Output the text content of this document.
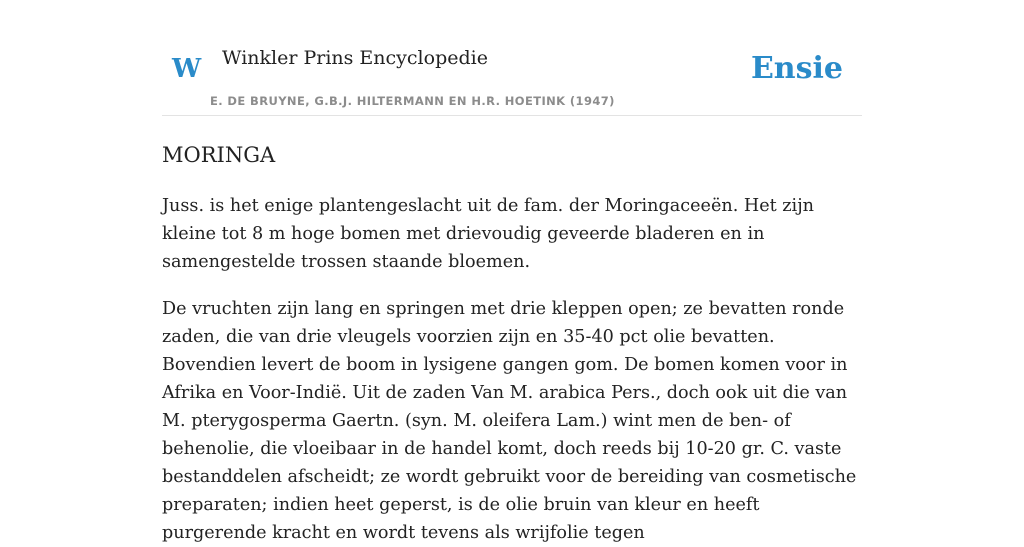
W Winkler Prins Encyclopedie
E. DE BRUYNE, G.B.J. HILTERMANN EN H.R. HOETINK (1947)
Ensie
MORINGA

Juss. is het enige plantengeslacht uit de fam. der Moringaceeën. Het zijn kleine tot 8 m hoge bomen met drievoudig geveerde bladeren en in samengestelde trossen staande bloemen.

De vruchten zijn lang en springen met drie kleppen open; ze bevatten ronde zaden, die van drie vleugels voorzien zijn en 35-40 pct olie bevatten. Bovendien levert de boom in lysigene gangen gom. De bomen komen voor in Afrika en Voor-Indië. Uit de zaden Van M. arabica Pers., doch ook uit die van M. pterygosperma Gaertn. (syn. M. oleifera Lam.) wint men de ben- of behenolie, die vloeibaar in de handel komt, doch reeds bij 10-20 gr. C. vaste bestanddelen afscheidt; ze wordt gebruikt voor de bereiding van cosmetische preparaten; indien heet geperst, is de olie bruin van kleur en heeft purgerende kracht en wordt tevens als wrijfolie tegen
